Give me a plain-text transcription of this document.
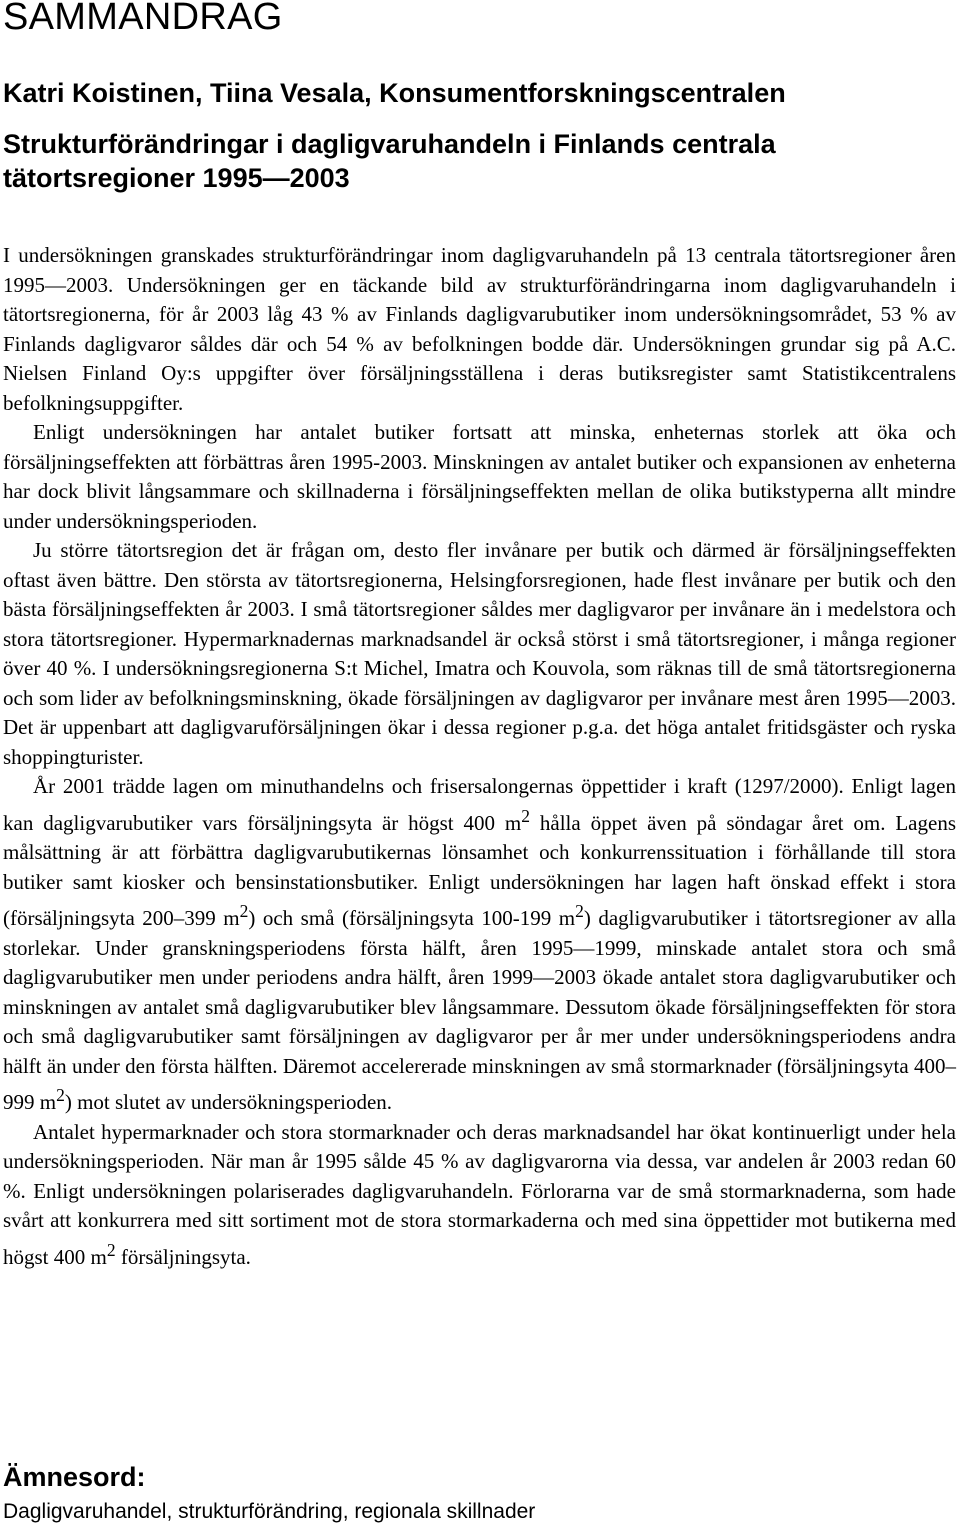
SAMMANDRAG
Katri Koistinen, Tiina Vesala, Konsumentforskningscentralen
Strukturförändringar i dagligvaruhandeln i Finlands centrala tätortsregioner 1995—2003

I undersökningen granskades strukturförändringar inom dagligvaruhandeln på 13 centrala tätortsregioner åren 1995—2003. Undersökningen ger en täckande bild av strukturförändringarna inom dagligvaruhandeln i tätortsregionerna, för år 2003 låg 43 % av Finlands dagligvarubutiker inom undersökningsområdet, 53 % av Finlands dagligvaror såldes där och 54 % av befolkningen bodde där. Undersökningen grundar sig på A.C. Nielsen Finland Oy:s uppgifter över försäljningsställena i deras butiksregister samt Statistikcentralens befolkningsuppgifter.

Enligt undersökningen har antalet butiker fortsatt att minska, enheternas storlek att öka och försäljningseffekten att förbättras åren 1995-2003. Minskningen av antalet butiker och expansionen av enheterna har dock blivit långsammare och skillnaderna i försäljningseffekten mellan de olika butikstyperna allt mindre under undersökningsperioden.

Ju större tätortsregion det är frågan om, desto fler invånare per butik och därmed är försäljningseffekten oftast även bättre. Den största av tätortsregionerna, Helsingforsregionen, hade flest invånare per butik och den bästa försäljningseffekten år 2003. I små tätortsregioner såldes mer dagligvaror per invånare än i medelstora och stora tätortsregioner. Hypermarknadernas marknadsandel är också störst i små tätortsregioner, i många regioner över 40 %. I undersökningsregionerna S:t Michel, Imatra och Kouvola, som räknas till de små tätortsregionerna och som lider av befolkningsminskning, ökade försäljningen av dagligvaror per invånare mest åren 1995—2003. Det är uppenbart att dagligvaruförsäljningen ökar i dessa regioner p.g.a. det höga antalet fritidsgäster och ryska shoppingturister.

År 2001 trädde lagen om minuthandelns och frisersalongernas öppettider i kraft (1297/2000). Enligt lagen kan dagligvarubutiker vars försäljningsyta är högst 400 $m^2$ hålla öppet även på söndagar året om. Lagens målsättning är att förbättra dagligvarubutikernas lönsamhet och konkurrenssituation i förhållande till stora butiker samt kiosker och bensinstationsbutiker. Enligt undersökningen har lagen haft önskad effekt i stora (försäljningsyta 200–399 $m^2$) och små (försäljningsyta 100-199 $m^2$) dagligvarubutiker i tätortsregioner av alla storlekar. Under granskningsperiodens första hälft, åren 1995—1999, minskade antalet stora och små dagligvarubutiker men under periodens andra hälft, åren 1999—2003 ökade antalet stora dagligvarubutiker och minskningen av antalet små dagligvarubutiker blev långsammare. Dessutom ökade försäljningseffekten för stora och små dagligvarubutiker samt försäljningen av dagligvaror per år mer under undersökningsperiodens andra hälft än under den första hälften. Däremot accelererade minskningen av små stormarknader (försäljningsyta 400–999 $m^2$) mot slutet av undersökningsperioden.

Antalet hypermarknader och stora stormarknader och deras marknadsandel har ökat kontinuerligt under hela undersökningsperioden. När man år 1995 sålde 45 % av dagligvarorna via dessa, var andelen år 2003 redan 60 %. Enligt undersökningen polariserades dagligvaruhandeln. Förlorarna var de små stormarknaderna, som hade svårt att konkurrera med sitt sortiment mot de stora stormarkaderna och med sina öppettider mot butikerna med högst 400 $m^2$ försäljningsyta.

Ämnesord:
Dagligvaruhandel, strukturförändring, regionala skillnader
